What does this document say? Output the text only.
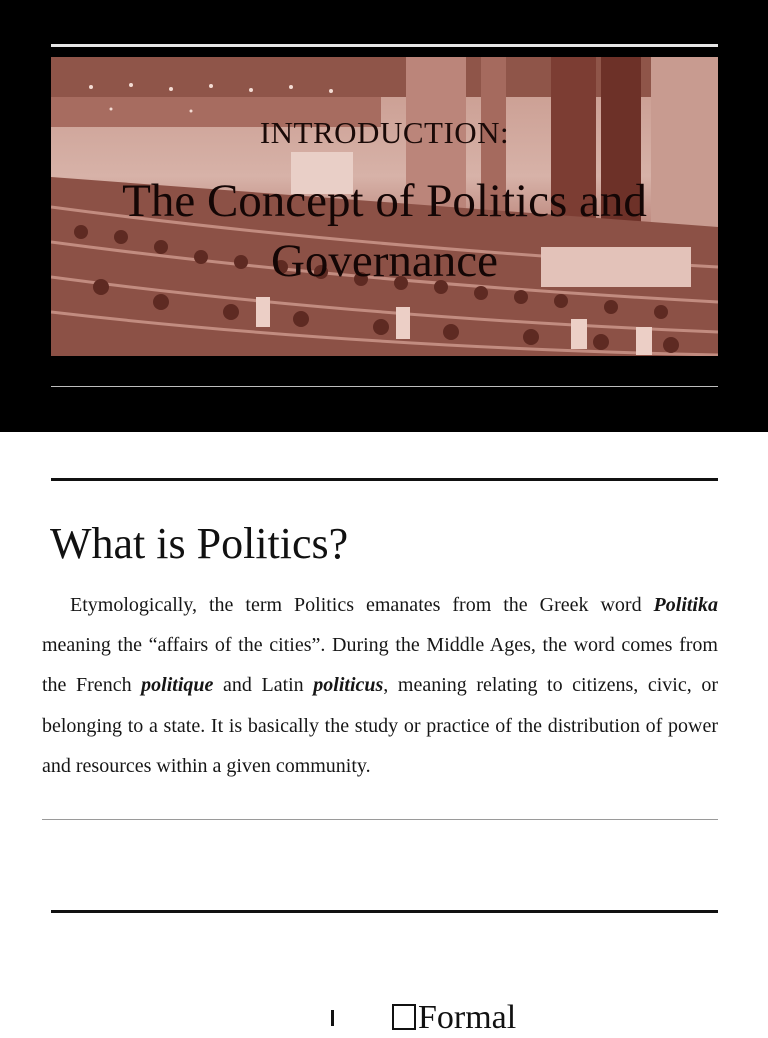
INTRODUCTION:
The Concept of Politics and
Governance
What is Politics?

Etymologically, the term Politics emanates from the Greek word Politika meaning the “affairs of the cities”. During the Middle Ages, the word comes from the French politique and Latin politicus, meaning relating to citizens, civic, or belonging to a state. It is basically the study or practice of the distribution of power and resources within a given community.

Formal
